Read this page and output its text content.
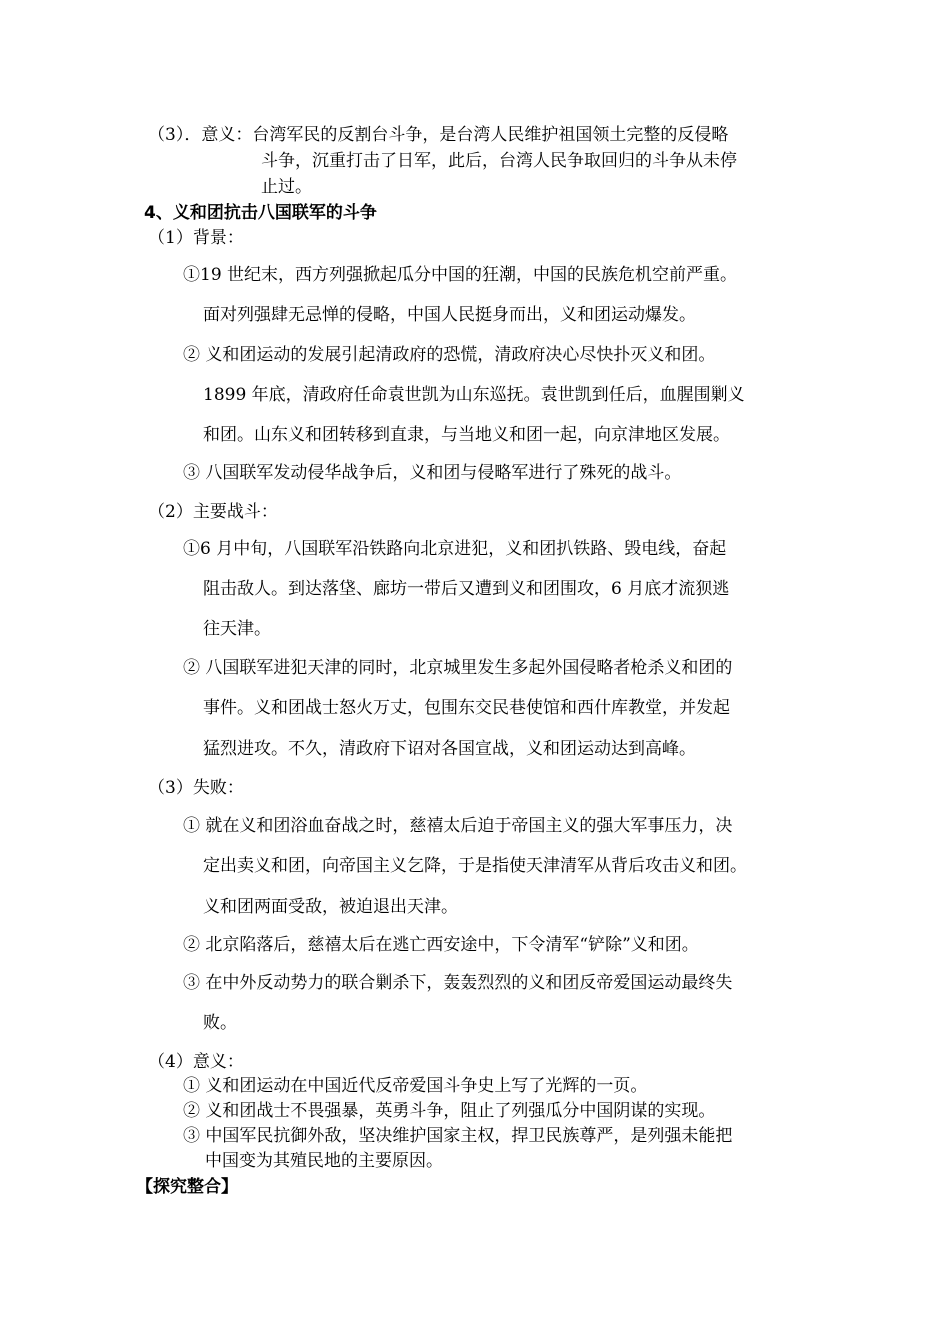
（3）．意义：台湾军民的反割台斗争，是台湾人民维护祖国领土完整的反侵略
斗争，沉重打击了日军，此后，台湾人民争取回归的斗争从未停
止过。
4、义和团抗击八国联军的斗争
（1）背景：
①19 世纪末，西方列强掀起瓜分中国的狂潮，中国的民族危机空前严重。
面对列强肆无忌惮的侵略，中国人民挺身而出，义和团运动爆发。
② 义和团运动的发展引起清政府的恐慌，清政府决心尽快扑灭义和团。
1899 年底，清政府任命袁世凯为山东巡抚。袁世凯到任后，血腥围剿义
和团。山东义和团转移到直隶，与当地义和团一起，向京津地区发展。
③ 八国联军发动侵华战争后，义和团与侵略军进行了殊死的战斗。
（2）主要战斗：
①6 月中旬，八国联军沿铁路向北京进犯，义和团扒铁路、毁电线，奋起
阻击敌人。到达落垡、廊坊一带后又遭到义和团围攻，6 月底才流狈逃
往天津。
② 八国联军进犯天津的同时，北京城里发生多起外国侵略者枪杀义和团的
事件。义和团战士怒火万丈，包围东交民巷使馆和西什库教堂，并发起
猛烈进攻。不久，清政府下诏对各国宣战，义和团运动达到高峰。
（3）失败：
① 就在义和团浴血奋战之时，慈禧太后迫于帝国主义的强大军事压力，决
定出卖义和团，向帝国主义乞降，于是指使天津清军从背后攻击义和团。
义和团两面受敌，被迫退出天津。
② 北京陷落后，慈禧太后在逃亡西安途中，下令清军“铲除”义和团。
③ 在中外反动势力的联合剿杀下，轰轰烈烈的义和团反帝爱国运动最终失
败。
（4）意义：
① 义和团运动在中国近代反帝爱国斗争史上写了光辉的一页。
② 义和团战士不畏强暴，英勇斗争，阻止了列强瓜分中国阴谋的实现。
③ 中国军民抗御外敌，坚决维护国家主权，捍卫民族尊严，是列强未能把
中国变为其殖民地的主要原因。
【探究整合】
